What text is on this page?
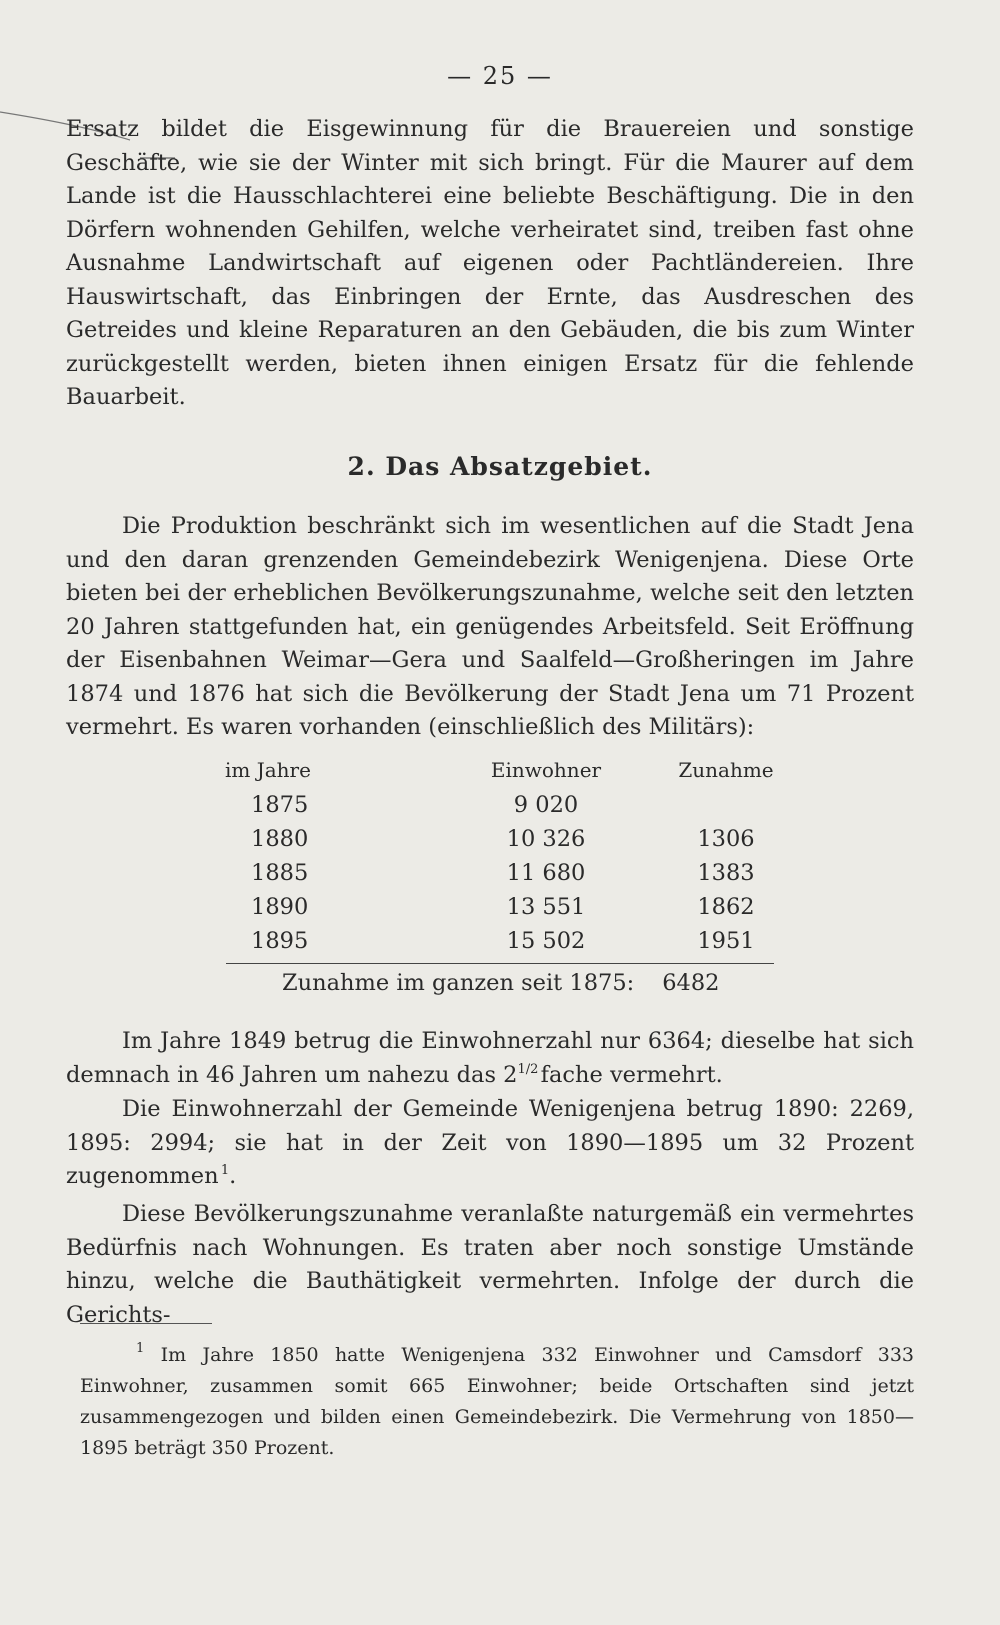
— 25 —

Ersatz bildet die Eisgewinnung für die Brauereien und sonstige Geschäfte, wie sie der Winter mit sich bringt. Für die Maurer auf dem Lande ist die Hausschlachterei eine beliebte Beschäftigung. Die in den Dörfern wohnenden Gehilfen, welche verheiratet sind, treiben fast ohne Ausnahme Landwirtschaft auf eigenen oder Pachtländereien. Ihre Hauswirtschaft, das Einbringen der Ernte, das Ausdreschen des Getreides und kleine Reparaturen an den Gebäuden, die bis zum Winter zurückgestellt werden, bieten ihnen einigen Ersatz für die fehlende Bauarbeit.

2. Das Absatzgebiet.

Die Produktion beschränkt sich im wesentlichen auf die Stadt Jena und den daran grenzenden Gemeindebezirk Wenigenjena. Diese Orte bieten bei der erheblichen Bevölkerungszunahme, welche seit den letzten 20 Jahren stattgefunden hat, ein genügendes Arbeitsfeld. Seit Eröffnung der Eisenbahnen Weimar—Gera und Saalfeld—Großheringen im Jahre 1874 und 1876 hat sich die Bevölkerung der Stadt Jena um 71 Prozent vermehrt. Es waren vorhanden (einschließlich des Militärs):

im Jahre	Einwohner	Zunahme
1875	9 020	
1880	10 326	1306
1885	11 680	1383
1890	13 551	1862
1895	15 502	1951
Zunahme im ganzen seit 1875: 6482

Im Jahre 1849 betrug die Einwohnerzahl nur 6364; dieselbe hat sich demnach in 46 Jahren um nahezu das $2^{1/2}$  fache vermehrt.

Die Einwohnerzahl der Gemeinde Wenigenjena betrug 1890: 2269, 1895: 2994; sie hat in der Zeit von 1890—1895 um 32 Prozent zugenommen  $^1$.

Diese Bevölkerungszunahme veranlaßte naturgemäß ein vermehrtes Bedürfnis nach Wohnungen. Es traten aber noch sonstige Umstände hinzu, welche die Bauthätigkeit vermehrten. Infolge der durch die Gerichts-

$^1$ Im Jahre 1850 hatte Wenigenjena 332 Einwohner und Camsdorf 333 Einwohner, zusammen somit 665 Einwohner; beide Ortschaften sind jetzt zusammengezogen und bilden einen Gemeindebezirk. Die Vermehrung von 1850—1895 beträgt 350 Prozent.
